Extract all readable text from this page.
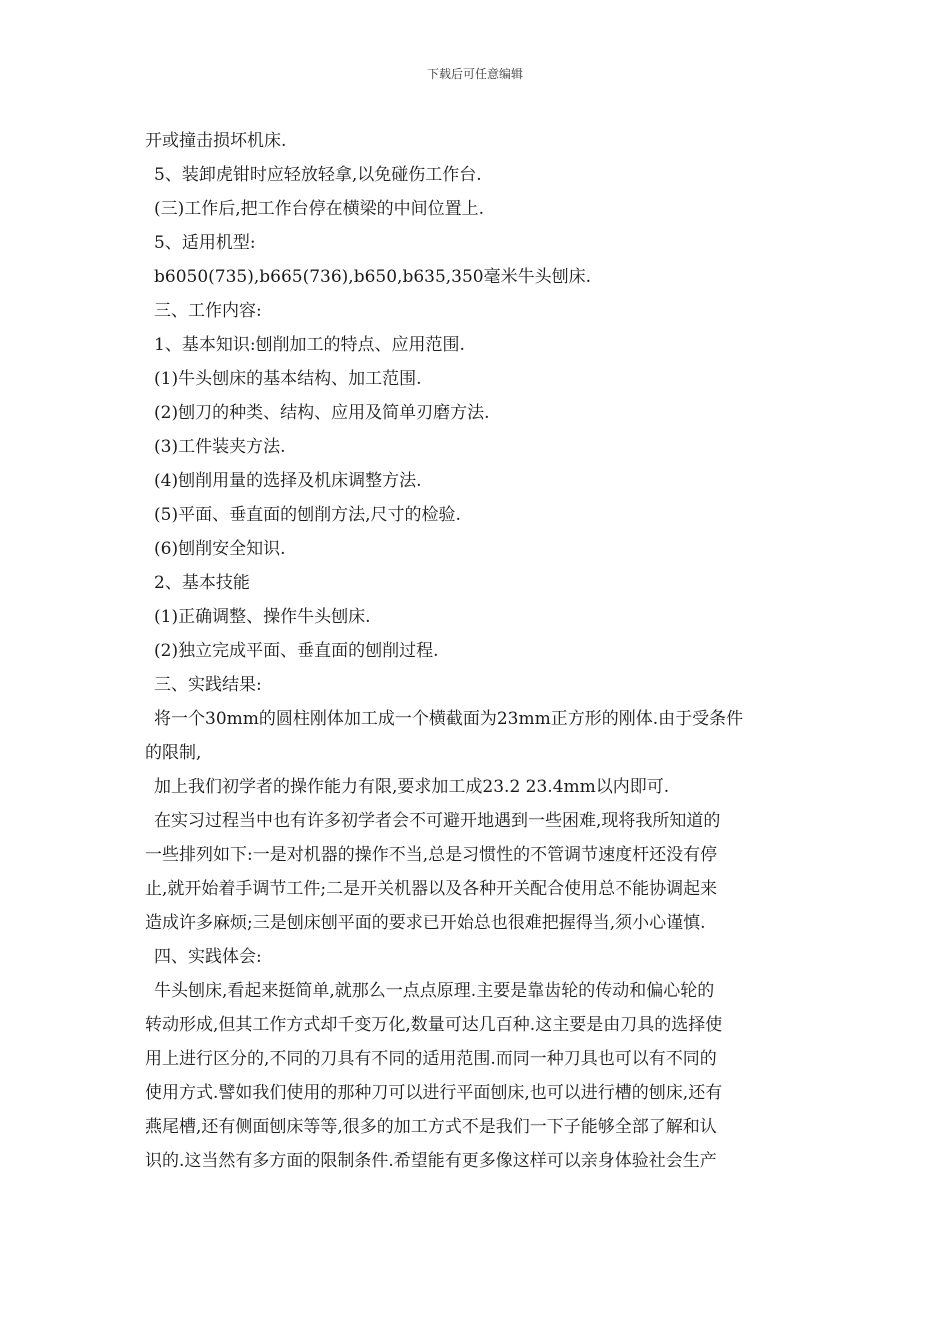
下载后可任意编辑
开或撞击损坏机床.
5、装卸虎钳时应轻放轻拿,以免碰伤工作台.
(三)工作后,把工作台停在横梁的中间位置上.
5、适用机型:
b6050(735),b665(736),b650,b635,350毫米牛头刨床.
三、工作内容:
1、基本知识:刨削加工的特点、应用范围.
(1)牛头刨床的基本结构、加工范围.
(2)刨刀的种类、结构、应用及简单刃磨方法.
(3)工件装夹方法.
(4)刨削用量的选择及机床调整方法.
(5)平面、垂直面的刨削方法,尺寸的检验.
(6)刨削安全知识.
2、基本技能
(1)正确调整、操作牛头刨床.
(2)独立完成平面、垂直面的刨削过程.
三、实践结果:
将一个30mm的圆柱刚体加工成一个横截面为23mm正方形的刚体.由于受条件
的限制,
加上我们初学者的操作能力有限,要求加工成23.2 23.4mm以内即可.
在实习过程当中也有许多初学者会不可避开地遇到一些困难,现将我所知道的
一些排列如下:一是对机器的操作不当,总是习惯性的不管调节速度杆还没有停
止,就开始着手调节工件;二是开关机器以及各种开关配合使用总不能协调起来
造成许多麻烦;三是刨床刨平面的要求已开始总也很难把握得当,须小心谨慎.
四、实践体会:
牛头刨床,看起来挺简单,就那么一点点原理.主要是靠齿轮的传动和偏心轮的
转动形成,但其工作方式却千变万化,数量可达几百种.这主要是由刀具的选择使
用上进行区分的,不同的刀具有不同的适用范围.而同一种刀具也可以有不同的
使用方式.譬如我们使用的那种刀可以进行平面刨床,也可以进行槽的刨床,还有
燕尾槽,还有侧面刨床等等,很多的加工方式不是我们一下子能够全部了解和认
识的.这当然有多方面的限制条件.希望能有更多像这样可以亲身体验社会生产
